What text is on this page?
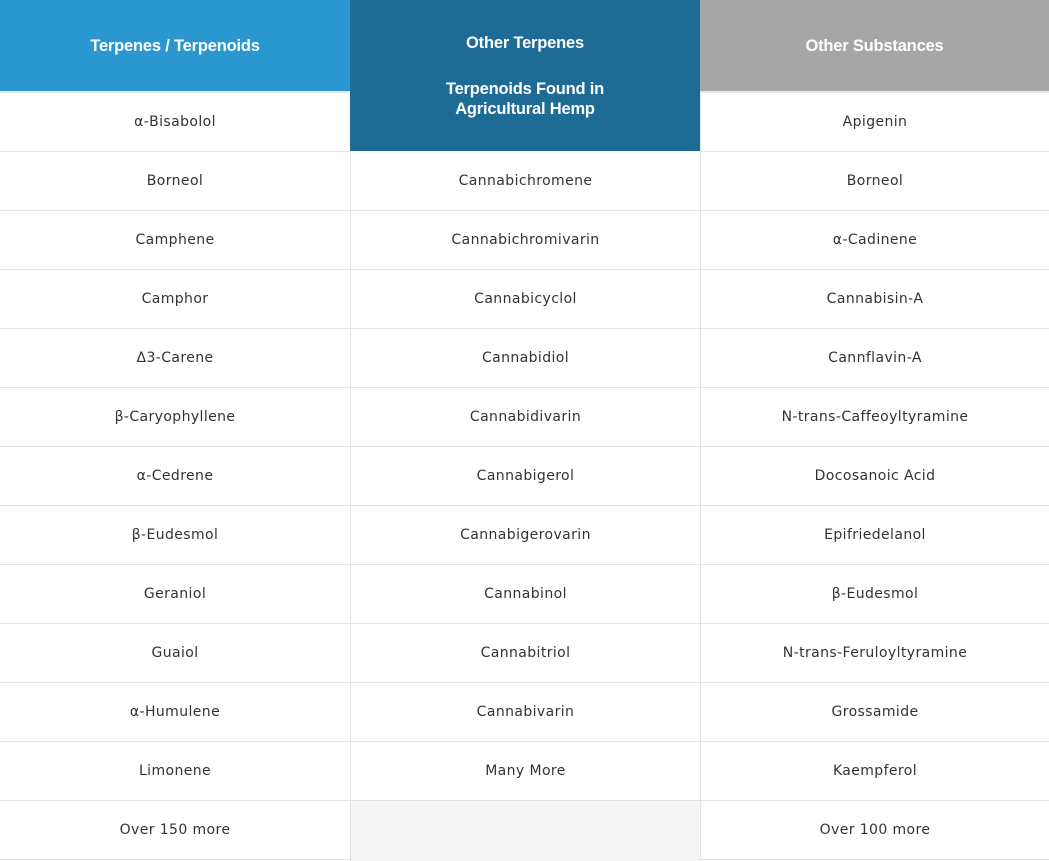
Terpenes / Terpenoids
α-Bisabolol
Borneol
Camphene
Camphor
Δ3-Carene
β-Caryophyllene
α-Cedrene
β-Eudesmol
Geraniol
Guaiol
α-Humulene
Limonene
Over 150 more
Other Terpenes
Terpenoids Found in Agricultural Hemp
Cannabichromene
Cannabichromivarin
Cannabicyclol
Cannabidiol
Cannabidivarin
Cannabigerol
Cannabigerovarin
Cannabinol
Cannabitriol
Cannabivarin
Many More
Other Substances
Apigenin
Borneol
α-Cadinene
Cannabisin-A
Cannflavin-A
N-trans-Caffeoyltyramine
Docosanoic Acid
Epifriedelanol
β-Eudesmol
N-trans-Feruloyltyramine
Grossamide
Kaempferol
Over 100 more
